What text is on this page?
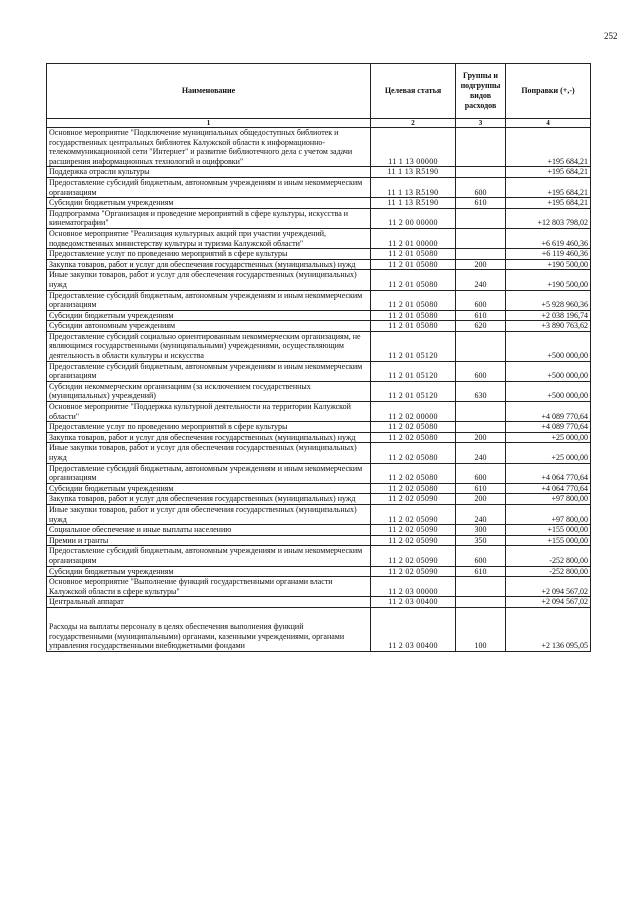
252
Наименование	Целевая статья	Группы и подгруппы видов расходов	Поправки (+,-)
1	2	3	4
Основное мероприятие "Подключение муниципальных общедоступных библиотек и государственных центральных библиотек Калужской области к информационно-телекоммуникационной сети "Интернет" и развитие библиотечного дела с учетом задачи расширения информационных технологий и оцифровки"	11 1 13 00000		+195 684,21
Поддержка отрасли культуры	11 1 13 R5190		+195 684,21
Предоставление субсидий бюджетным, автономным учреждениям и иным некоммерческим организациям	11 1 13 R5190	600	+195 684,21
Субсидии бюджетным учреждениям	11 1 13 R5190	610	+195 684,21
Подпрограмма "Организация и проведение мероприятий в сфере культуры, искусства и кинематографии"	11 2 00 00000		+12 803 798,02
Основное мероприятие "Реализация культурных акций при участии учреждений, подведомственных министерству культуры и туризма Калужской области"	11 2 01 00000		+6 619 460,36
Предоставление услуг по проведению мероприятий в сфере культуры	11 2 01 05080		+6 119 460,36
Закупка товаров, работ и услуг для обеспечения государственных (муниципальных) нужд	11 2 01 05080	200	+190 500,00
Иные закупки товаров, работ и услуг для обеспечения государственных (муниципальных) нужд	11 2 01 05080	240	+190 500,00
Предоставление субсидий бюджетным, автономным учреждениям и иным некоммерческим организациям	11 2 01 05080	600	+5 928 960,36
Субсидии бюджетным учреждениям	11 2 01 05080	610	+2 038 196,74
Субсидии автономным учреждениям	11 2 01 05080	620	+3 890 763,62
Предоставление субсидий социально ориентированным некоммерческим организациям, не являющимся государственными (муниципальными) учреждениями, осуществляющим деятельность в области культуры и искусства	11 2 01 05120		+500 000,00
Предоставление субсидий бюджетным, автономным учреждениям и иным некоммерческим организациям	11 2 01 05120	600	+500 000,00
Субсидии некоммерческим организациям (за исключением государственных (муниципальных) учреждений)	11 2 01 05120	630	+500 000,00
Основное мероприятие "Поддержка культурной деятельности на территории Калужской области"	11 2 02 00000		+4 089 770,64
Предоставление услуг по проведению мероприятий в сфере культуры	11 2 02 05080		+4 089 770,64
Закупка товаров, работ и услуг для обеспечения государственных (муниципальных) нужд	11 2 02 05080	200	+25 000,00
Иные закупки товаров, работ и услуг для обеспечения государственных (муниципальных) нужд	11 2 02 05080	240	+25 000,00
Предоставление субсидий бюджетным, автономным учреждениям и иным некоммерческим организациям	11 2 02 05080	600	+4 064 770,64
Субсидии бюджетным учреждениям	11 2 02 05080	610	+4 064 770,64
Закупка товаров, работ и услуг для обеспечения государственных (муниципальных) нужд	11 2 02 05090	200	+97 800,00
Иные закупки товаров, работ и услуг для обеспечения государственных (муниципальных) нужд	11 2 02 05090	240	+97 800,00
Социальное обеспечение и иные выплаты населению	11 2 02 05090	300	+155 000,00
Премии и гранты	11 2 02 05090	350	+155 000,00
Предоставление субсидий бюджетным, автономным учреждениям и иным некоммерческим организациям	11 2 02 05090	600	-252 800,00
Субсидии бюджетным учреждениям	11 2 02 05090	610	-252 800,00
Основное мероприятие "Выполнение функций государственными органами власти Калужской области в сфере культуры"	11 2 03 00000		+2 094 567,02
Центральный аппарат	11 2 03 00400		+2 094 567,02
Расходы на выплаты персоналу в целях обеспечения выполнения функций государственными (муниципальными) органами, казенными учреждениями, органами управления государственными внебюджетными фондами	11 2 03 00400	100	+2 136 095,05
